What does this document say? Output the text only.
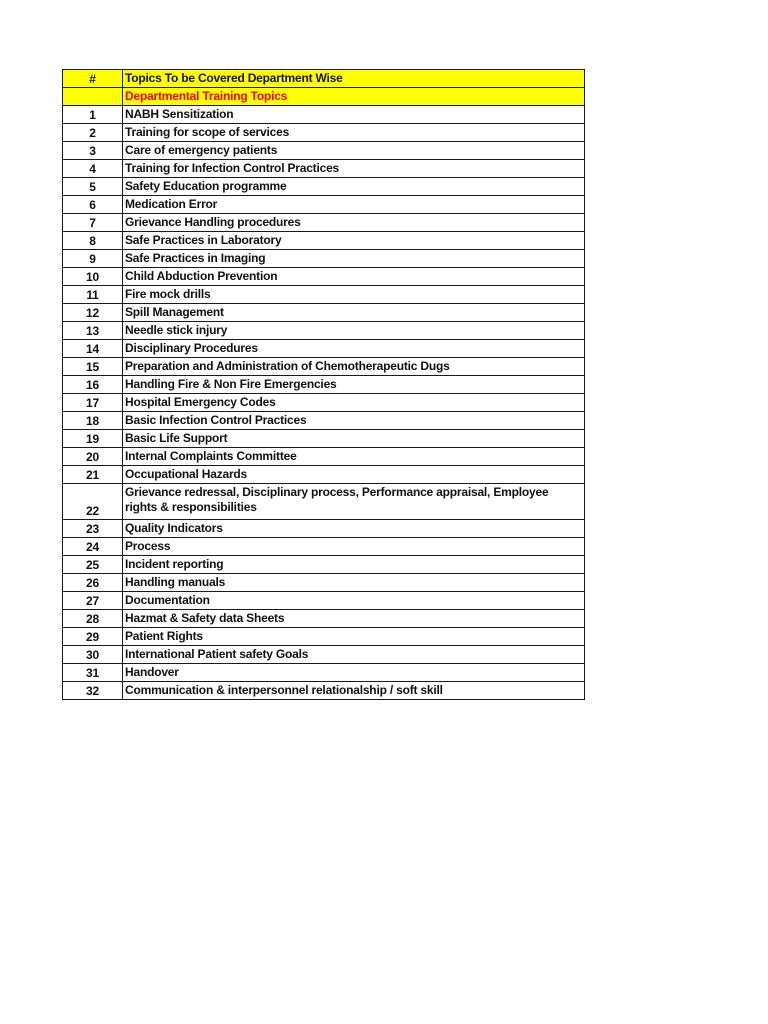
#	Topics To be Covered Department Wise
	Departmental Training Topics
1	NABH Sensitization
2	Training for scope of services
3	Care of emergency patients
4	Training for Infection Control Practices
5	Safety Education programme
6	Medication Error
7	Grievance Handling procedures
8	Safe Practices in Laboratory
9	Safe Practices in Imaging
10	Child Abduction Prevention
11	Fire mock drills
12	Spill Management
13	Needle stick injury
14	Disciplinary Procedures
15	Preparation and Administration of Chemotherapeutic Dugs
16	Handling Fire & Non Fire Emergencies
17	Hospital Emergency Codes
18	Basic Infection Control Practices
19	Basic Life Support
20	Internal Complaints Committee
21	Occupational Hazards
22	Grievance redressal, Disciplinary process, Performance appraisal, Employee rights & responsibilities
23	Quality Indicators
24	Process
25	Incident reporting
26	Handling manuals
27	Documentation
28	Hazmat & Safety data Sheets
29	Patient Rights
30	International Patient safety Goals
31	Handover
32	Communication & interpersonnel relationalship / soft skill
